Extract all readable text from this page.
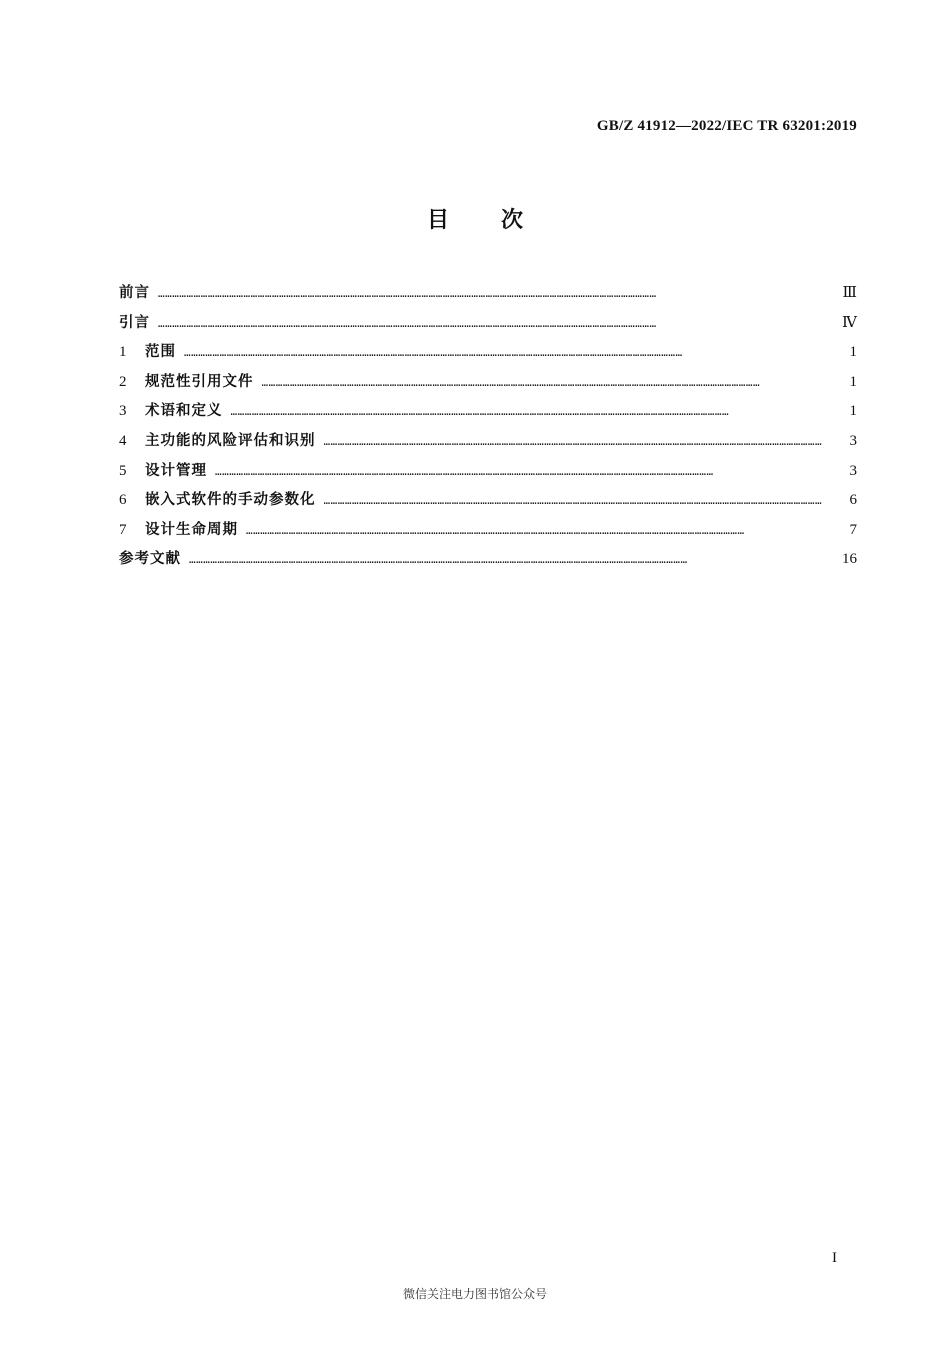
GB/Z 41912—2022/IEC TR 63201:2019
目次
前言 …………………………………………………………………………………………………………………………………………………………………………………………	Ⅲ
引言 …………………………………………………………………………………………………………………………………………………………………………………………	Ⅳ
1	范围 …………………………………………………………………………………………………………………………………………………………………………………………	1
2	规范性引用文件 …………………………………………………………………………………………………………………………………………………………………………………………	1
3	术语和定义 …………………………………………………………………………………………………………………………………………………………………………………………	1
4	主功能的风险评估和识别 …………………………………………………………………………………………………………………………………………………………………………………………	3
5	设计管理 …………………………………………………………………………………………………………………………………………………………………………………………	3
6	嵌入式软件的手动参数化 …………………………………………………………………………………………………………………………………………………………………………………………	6
7	设计生命周期 …………………………………………………………………………………………………………………………………………………………………………………………	7
参考文献 …………………………………………………………………………………………………………………………………………………………………………………………	16
I
微信关注电力图书馆公众号
